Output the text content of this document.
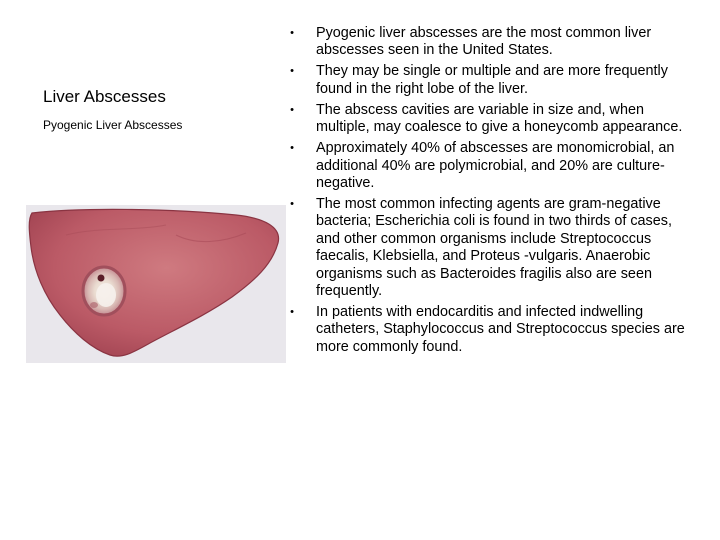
Liver Abscesses
Pyogenic Liver Abscesses
• Pyogenic liver abscesses are the most common liver abscesses seen in the United States.
• They may be single or multiple and are more frequently found in the right lobe of the liver.
• The abscess cavities are variable in size and, when multiple, may coalesce to give a honeycomb appearance.
• Approximately 40% of abscesses are monomicrobial, an additional 40% are polymicrobial, and 20% are culture-negative.
• The most common infecting agents are gram-negative bacteria; Escherichia coli is found in two thirds of cases, and other common organisms include Streptococcus faecalis, Klebsiella, and Proteus -vulgaris. Anaerobic organisms such as Bacteroides fragilis also are seen frequently.
• In patients with endocarditis and infected indwelling catheters, Staphylococcus and Streptococcus species are more commonly found.
